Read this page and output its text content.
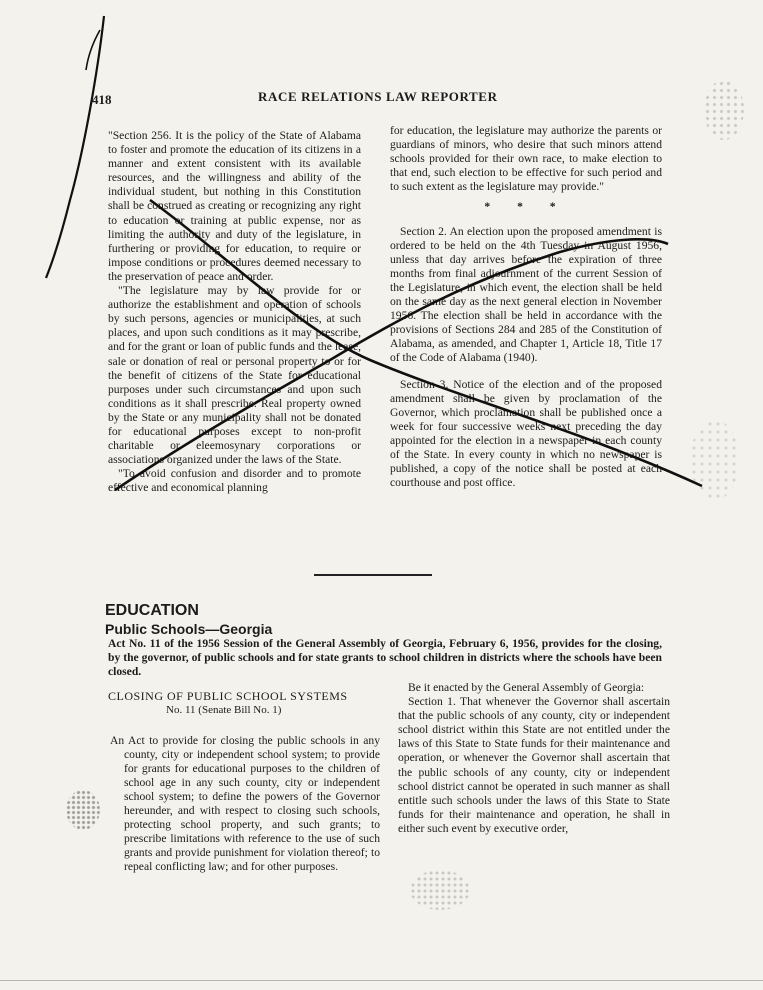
418	RACE RELATIONS LAW REPORTER

"Section 256. It is the policy of the State of Alabama to foster and promote the education of its citizens in a manner and extent consistent with its available resources, and the willingness and ability of the individual student, but nothing in this Constitution shall be construed as creating or recognizing any right to education or training at public expense, nor as limiting the authority and duty of the legislature, in furthering or providing for education, to require or impose conditions or procedures deemed necessary to the preservation of peace and order.

"The legislature may by law provide for or authorize the establishment and operation of schools by such persons, agencies or municipalities, at such places, and upon such conditions as it may prescribe, and for the grant or loan of public funds and the lease, sale or donation of real or personal property to or for the benefit of citizens of the State for educational purposes under such circumstances and upon such conditions as it shall prescribe. Real property owned by the State or any municipality shall not be donated for educational purposes except to non-profit charitable or eleemosynary corporations or associations organized under the laws of the State.

"To avoid confusion and disorder and to promote effective and economical planning

for education, the legislature may authorize the parents or guardians of minors, who desire that such minors attend schools provided for their own race, to make election to that end, such election to be effective for such period and to such extent as the legislature may provide."

* * *

Section 2. An election upon the proposed amendment is ordered to be held on the 4th Tuesday in August 1956, unless that day arrives before the expiration of three months from final adjournment of the current Session of the Legislature, in which event, the election shall be held on the same day as the next general election in November 1956. The election shall be held in accordance with the provisions of Sections 284 and 285 of the Constitution of Alabama, as amended, and Chapter 1, Article 18, Title 17 of the Code of Alabama (1940).

Section 3. Notice of the election and of the proposed amendment shall be given by proclamation of the Governor, which proclamation shall be published once a week for four successive weeks next preceding the day appointed for the election in a newspaper in each county of the State. In every county in which no newspaper is published, a copy of the notice shall be posted at each courthouse and post office.

EDUCATION
Public Schools—Georgia
Act No. 11 of the 1956 Session of the General Assembly of Georgia, February 6, 1956, provides for the closing, by the governor, of public schools and for state grants to school children in districts where the schools have been closed.
CLOSING OF PUBLIC SCHOOL SYSTEMS
No. 11 (Senate Bill No. 1)

An Act to provide for closing the public schools in any county, city or independent school system; to provide for grants for educational purposes to the children of school age in any such county, city or independent school system; to define the powers of the Governor hereunder, and with respect to closing such schools, protecting school property, and such grants; to prescribe limitations with reference to the use of such grants and provide punishment for violation thereof; to repeal conflicting law; and for other purposes.

Be it enacted by the General Assembly of Georgia:

Section 1. That whenever the Governor shall ascertain that the public schools of any county, city or independent school district within this State are not entitled under the laws of this State to State funds for their maintenance and operation, or whenever the Governor shall ascertain that the public schools of any county, city or independent school district cannot be operated in such manner as shall entitle such schools under the laws of this State to State funds for their maintenance and operation, he shall in either such event by executive order,
